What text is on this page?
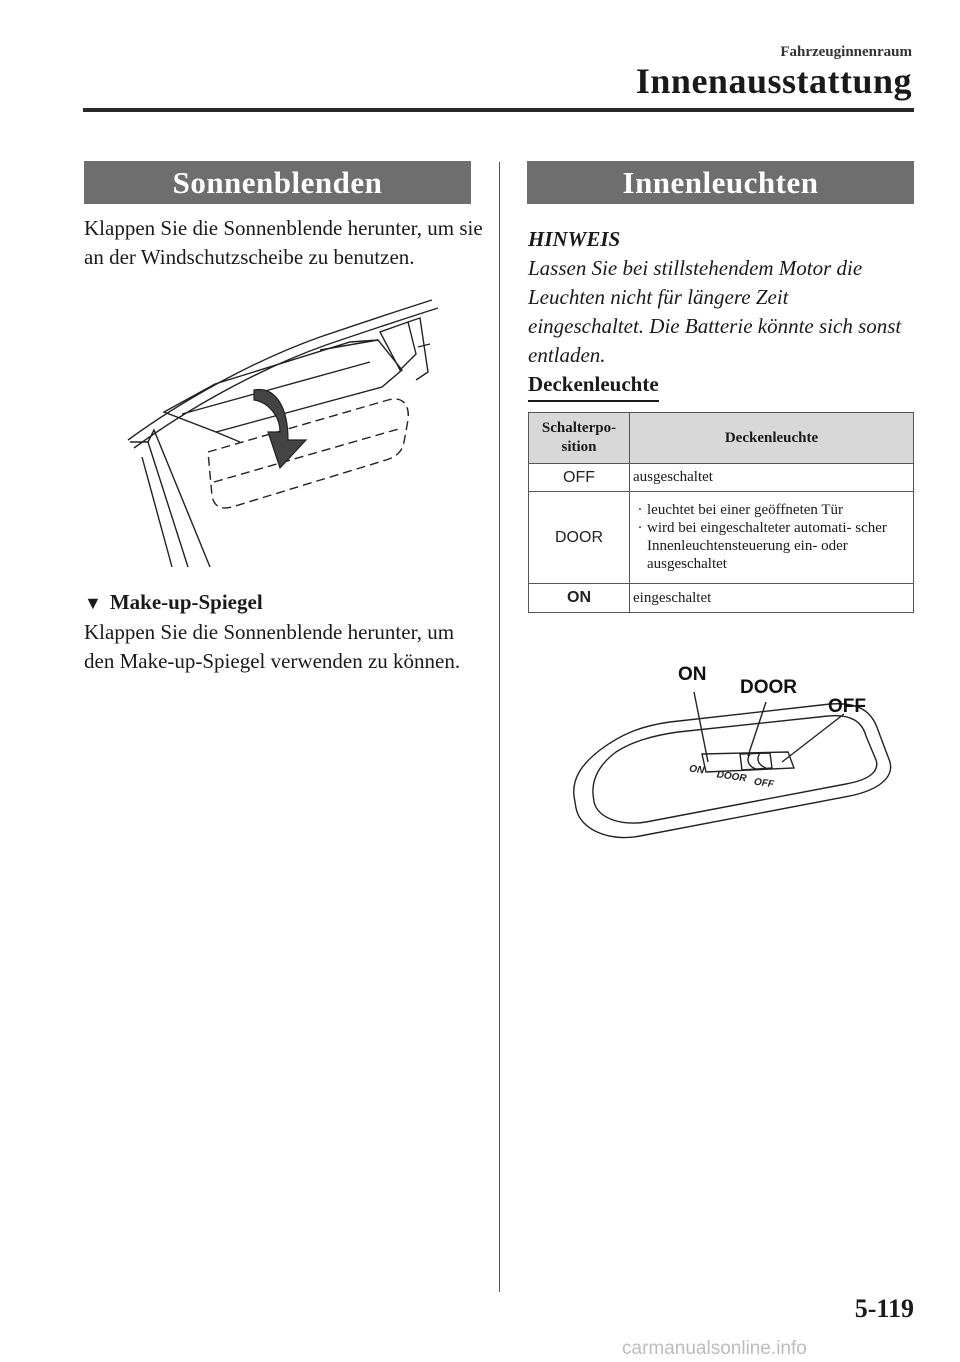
Fahrzeuginnenraum
Innenausstattung
Sonnenblenden
Klappen Sie die Sonnenblende herunter, um sie an der Windschutzscheibe zu benutzen.
▼ Make-up-Spiegel
Klappen Sie die Sonnenblende herunter, um den Make-up-Spiegel verwenden zu können.
Innenleuchten
HINWEIS
Lassen Sie bei stillstehendem Motor die Leuchten nicht für längere Zeit eingeschaltet. Die Batterie könnte sich sonst entladen.
Deckenleuchte
Schalterpo- sition	Deckenleuchte
OFF	ausgeschaltet
DOOR	· leuchtet bei einer geöffneten Tür
· wird bei eingeschalteter automati- scher Innenleuchtensteuerung ein- oder ausgeschaltet

ON	eingeschaltet
ON
DOOR
OFF
ON DOOR OFF
5-119
carmanualsonline.info
